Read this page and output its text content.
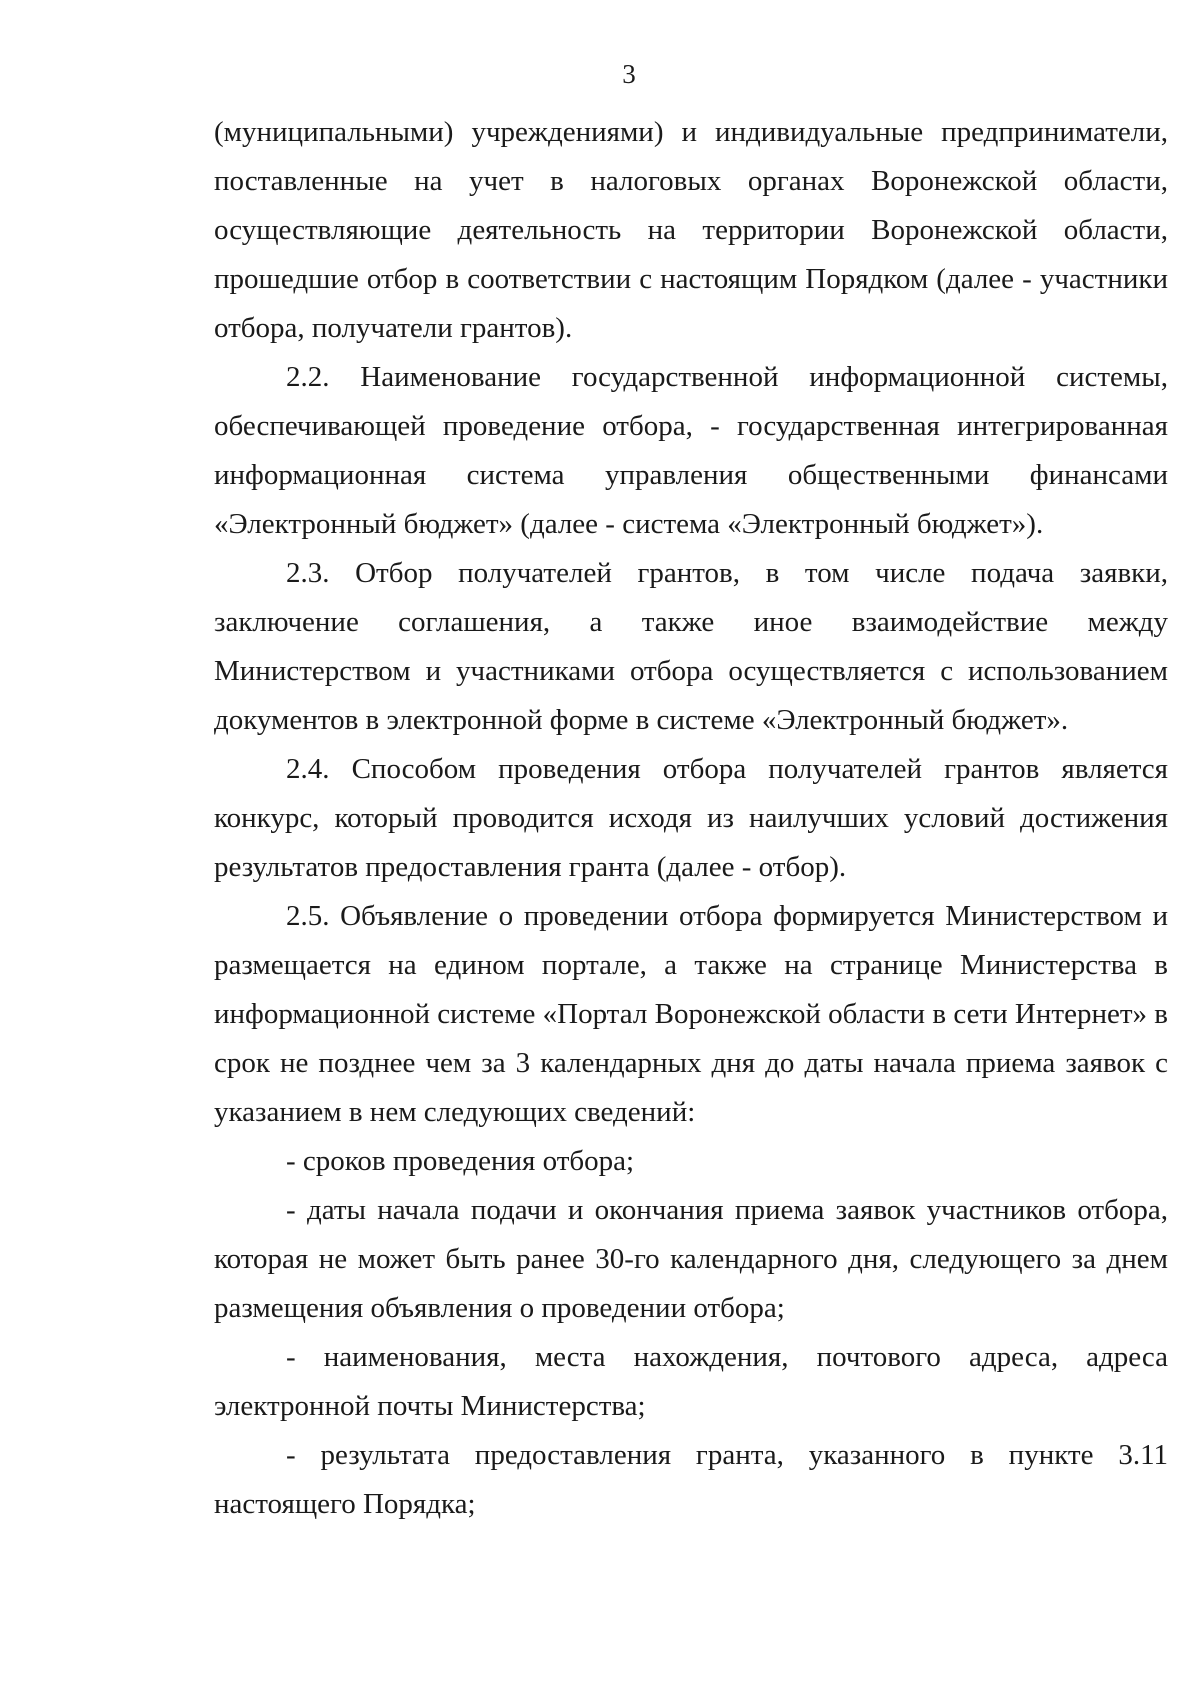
3

(муниципальными) учреждениями) и индивидуальные предприниматели, поставленные на учет в налоговых органах Воронежской области, осуществляющие деятельность на территории Воронежской области, прошедшие отбор в соответствии с настоящим Порядком (далее - участники отбора, получатели грантов).

2.2. Наименование государственной информационной системы, обеспечивающей проведение отбора, - государственная интегрированная информационная система управления общественными финансами «Электронный бюджет» (далее - система «Электронный бюджет»).

2.3. Отбор получателей грантов, в том числе подача заявки, заключение соглашения, а также иное взаимодействие между Министерством и участниками отбора осуществляется с использованием документов в электронной форме в системе «Электронный бюджет».

2.4. Способом проведения отбора получателей грантов является конкурс, который проводится исходя из наилучших условий достижения результатов предоставления гранта (далее - отбор).

2.5. Объявление о проведении отбора формируется Министерством и размещается на едином портале, а также на странице Министерства в информационной системе «Портал Воронежской области в сети Интернет» в срок не позднее чем за 3 календарных дня до даты начала приема заявок с указанием в нем следующих сведений:

- сроков проведения отбора;

- даты начала подачи и окончания приема заявок участников отбора, которая не может быть ранее 30-го календарного дня, следующего за днем размещения объявления о проведении отбора;

- наименования, места нахождения, почтового адреса, адреса электронной почты Министерства;

- результата предоставления гранта, указанного в пункте 3.11 настоящего Порядка;
